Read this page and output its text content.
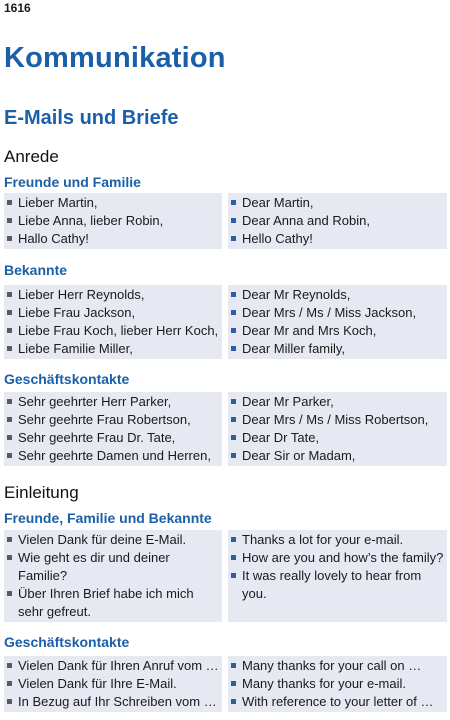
1616
Kommunikation
E-Mails und Briefe
Anrede
Freunde und Familie
Lieber Martin,
Liebe Anna, lieber Robin,
Hallo Cathy!
Dear Martin,
Dear Anna and Robin,
Hello Cathy!
Bekannte
Lieber Herr Reynolds,
Liebe Frau Jackson,
Liebe Frau Koch, lieber Herr Koch,
Liebe Familie Miller,
Dear Mr Reynolds,
Dear Mrs / Ms / Miss Jackson,
Dear Mr and Mrs Koch,
Dear Miller family,
Geschäftskontakte
Sehr geehrter Herr Parker,
Sehr geehrte Frau Robertson,
Sehr geehrte Frau Dr. Tate,
Sehr geehrte Damen und Herren,
Dear Mr Parker,
Dear Mrs / Ms / Miss Robertson,
Dear Dr Tate,
Dear Sir or Madam,
Einleitung
Freunde, Familie und Bekannte
Vielen Dank für deine E-Mail.
Wie geht es dir und deiner
Familie?
Über Ihren Brief habe ich mich
sehr gefreut.
Thanks a lot for your e-mail.
How are you and how’s the family?
It was really lovely to hear from
you.
Geschäftskontakte
Vielen Dank für Ihren Anruf vom …
Vielen Dank für Ihre E-Mail.
In Bezug auf Ihr Schreiben vom …
Many thanks for your call on …
Many thanks for your e-mail.
With reference to your letter of …
